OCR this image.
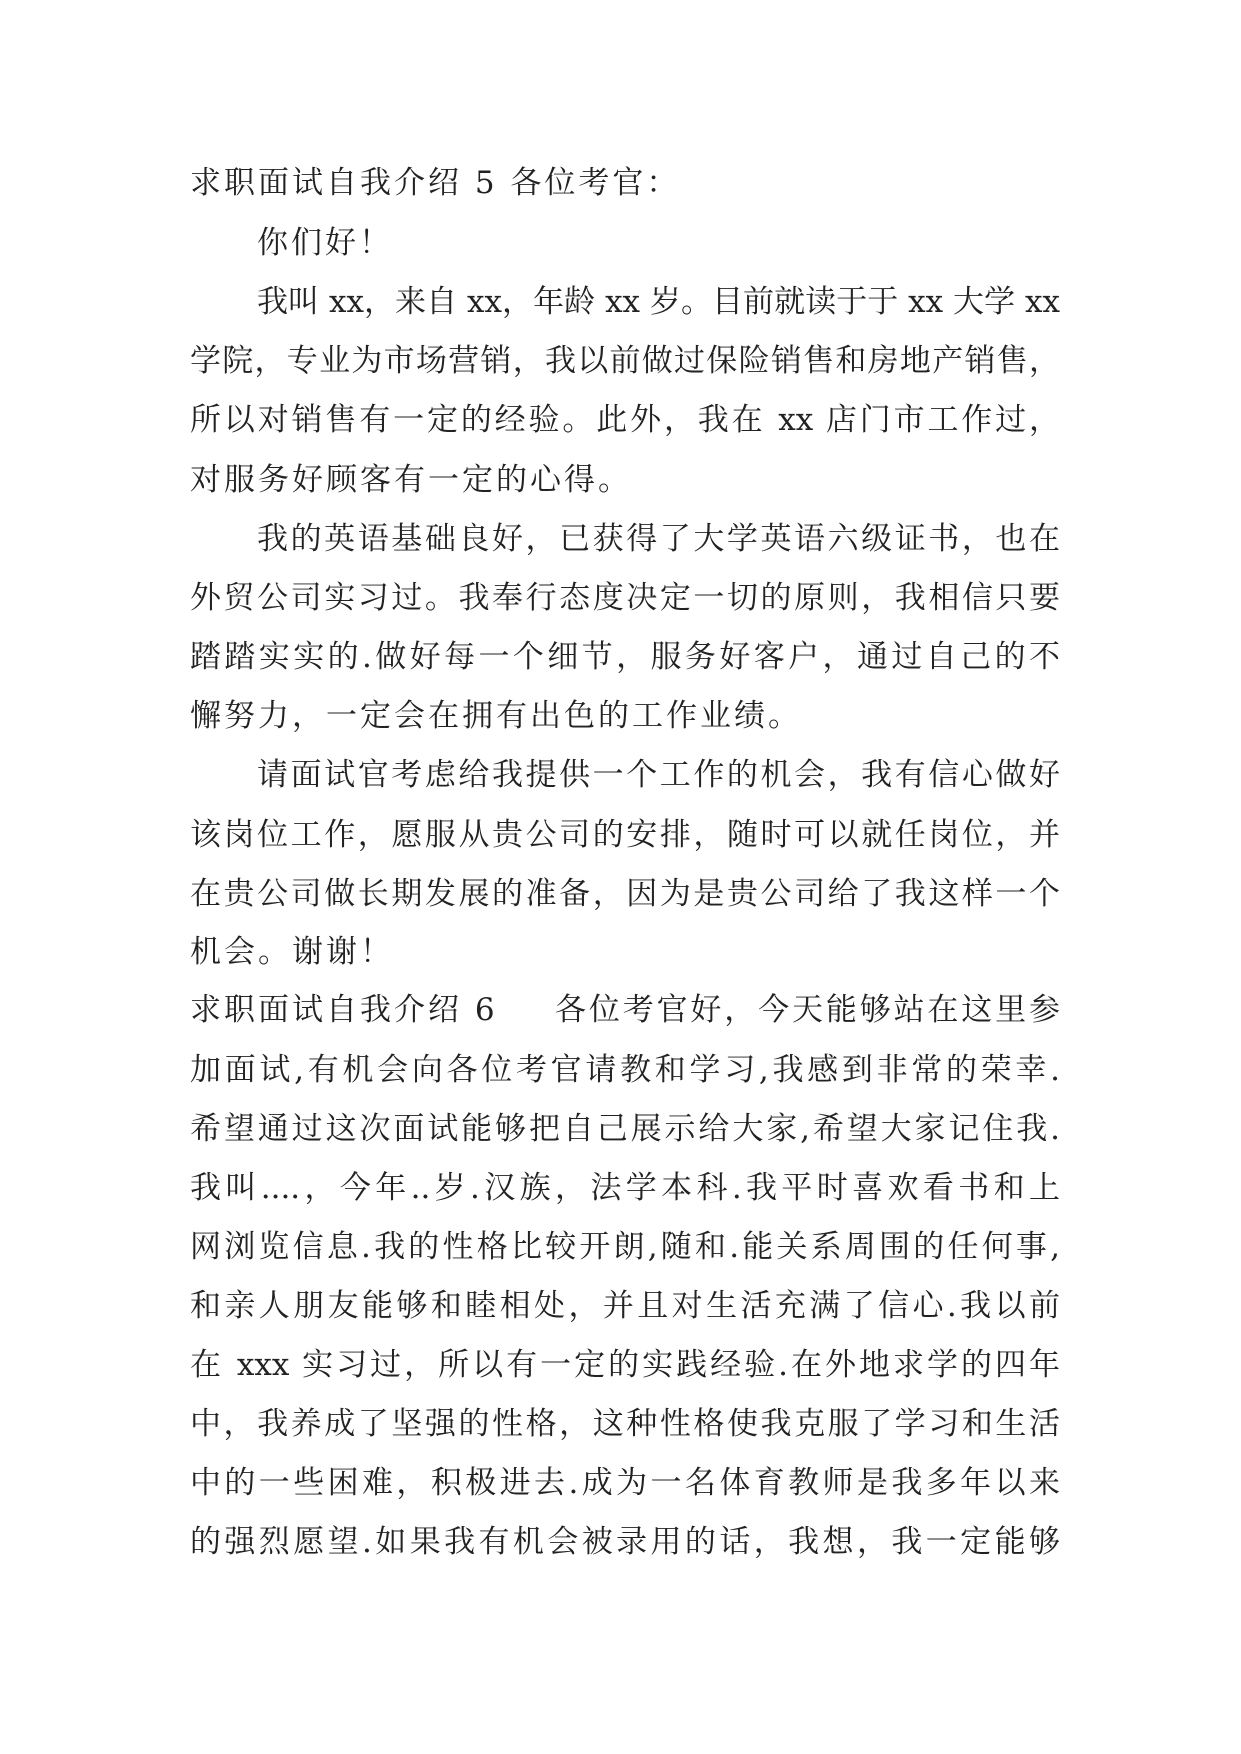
求职面试自我介绍 5 各位考官：
你们好！
我叫 xx，来自 xx，年龄 xx 岁。目前就读于于 xx 大学 xx
学院，专业为市场营销，我以前做过保险销售和房地产销售，
所以对销售有一定的经验。此外，我在 xx 店门市工作过，
对服务好顾客有一定的心得。
我的英语基础良好，已获得了大学英语六级证书，也在
外贸公司实习过。我奉行态度决定一切的原则，我相信只要
踏踏实实的.做好每一个细节，服务好客户，通过自己的不
懈努力，一定会在拥有出色的工作业绩。
请面试官考虑给我提供一个工作的机会，我有信心做好
该岗位工作，愿服从贵公司的安排，随时可以就任岗位，并
在贵公司做长期发展的准备，因为是贵公司给了我这样一个
机会。谢谢！
求职面试自我介绍 6 各位考官好，今天能够站在这里参
加面试,有机会向各位考官请教和学习,我感到非常的荣幸.
希望通过这次面试能够把自己展示给大家,希望大家记住我.
我叫....，今年..岁.汉族，法学本科.我平时喜欢看书和上
网浏览信息.我的性格比较开朗,随和.能关系周围的任何事,
和亲人朋友能够和睦相处，并且对生活充满了信心.我以前
在 xxx 实习过，所以有一定的实践经验.在外地求学的四年
中，我养成了坚强的性格，这种性格使我克服了学习和生活
中的一些困难，积极进去.成为一名体育教师是我多年以来
的强烈愿望.如果我有机会被录用的话，我想，我一定能够
